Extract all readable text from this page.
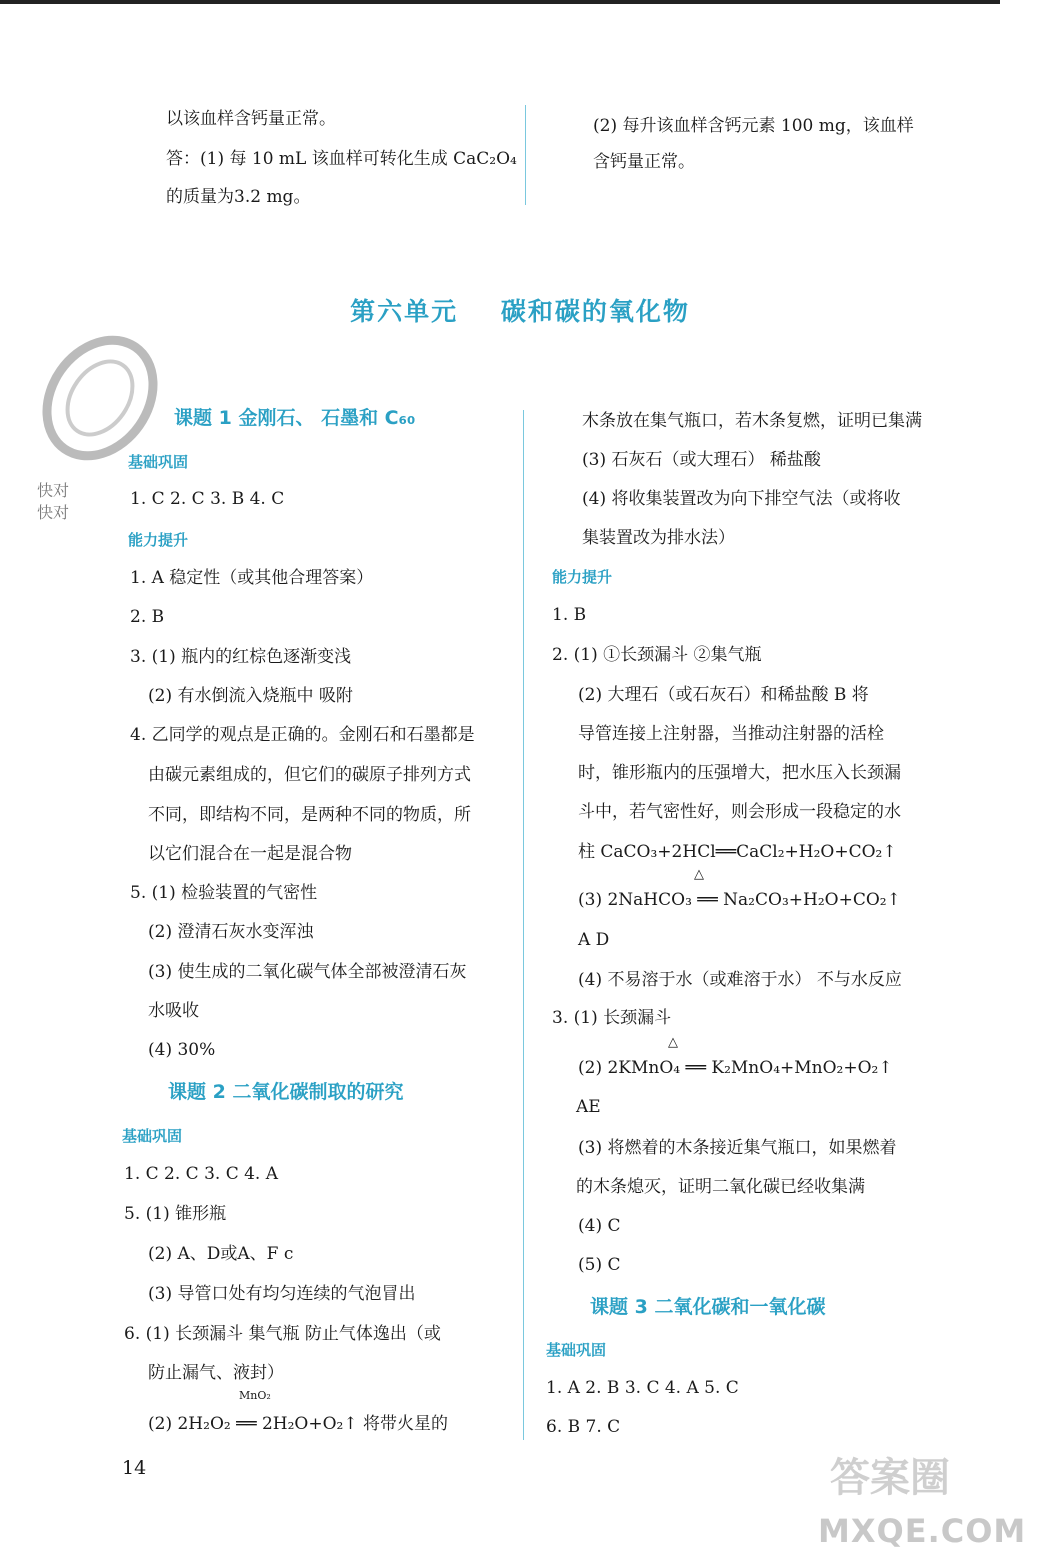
以该血样含钙量正常。
答：(1) 每 10 mL 该血样可转化生成 CaC₂O₄
的质量为3.2 mg。
(2) 每升该血样含钙元素 100 mg，该血样
含钙量正常。
第六单元    碳和碳的氧化物
快对
快对
课题 1 金刚石、 石墨和 C₆₀
基础巩固
1. C 2. C 3. B 4. C
能力提升
1. A 稳定性（或其他合理答案）
2. B
3. (1) 瓶内的红棕色逐渐变浅
(2) 有水倒流入烧瓶中 吸附
4. 乙同学的观点是正确的。金刚石和石墨都是
由碳元素组成的，但它们的碳原子排列方式
不同，即结构不同，是两种不同的物质，所
以它们混合在一起是混合物
5. (1) 检验装置的气密性
(2) 澄清石灰水变浑浊
(3) 使生成的二氧化碳气体全部被澄清石灰
水吸收
(4) 30%
课题 2 二氧化碳制取的研究
基础巩固
1. C 2. C 3. C 4. A
5. (1) 锥形瓶
(2) A、D或A、F c
(3) 导管口处有均匀连续的气泡冒出
6. (1) 长颈漏斗 集气瓶 防止气体逸出（或
防止漏气、液封）
MnO₂
(2) 2H₂O₂ ══ 2H₂O+O₂↑ 将带火星的
木条放在集气瓶口，若木条复燃，证明已集满
(3) 石灰石（或大理石） 稀盐酸
(4) 将收集装置改为向下排空气法（或将收
集装置改为排水法）
能力提升
1. B
2. (1) ①长颈漏斗 ②集气瓶
(2) 大理石（或石灰石）和稀盐酸 B 将
导管连接上注射器，当推动注射器的活栓
时，锥形瓶内的压强增大，把水压入长颈漏
斗中，若气密性好，则会形成一段稳定的水
柱 CaCO₃+2HCl══CaCl₂+H₂O+CO₂↑
△
(3) 2NaHCO₃ ══ Na₂CO₃+H₂O+CO₂↑
A D
(4) 不易溶于水（或难溶于水） 不与水反应
3. (1) 长颈漏斗
△
(2) 2KMnO₄ ══ K₂MnO₄+MnO₂+O₂↑
AE
(3) 将燃着的木条接近集气瓶口，如果燃着
的木条熄灭，证明二氧化碳已经收集满
(4) C
(5) C
课题 3 二氧化碳和一氧化碳
基础巩固
1. A 2. B 3. C 4. A 5. C
6. B 7. C
14	答案圈
MXQE.COM
